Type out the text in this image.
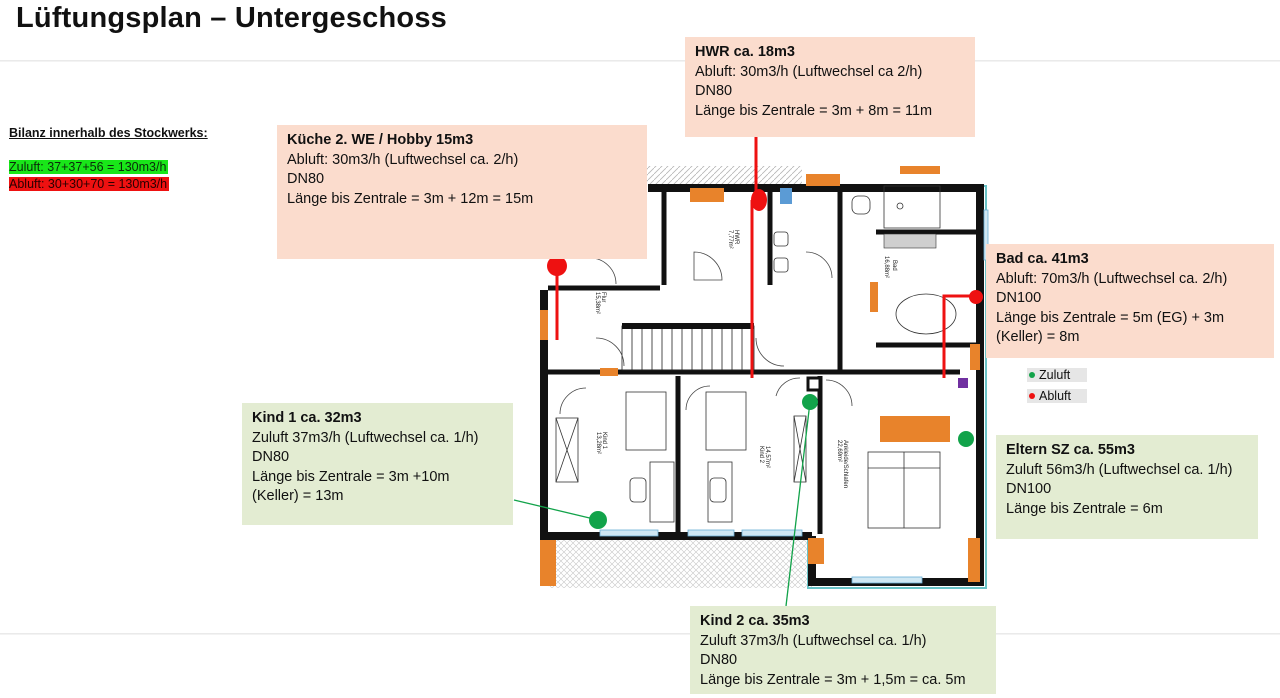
Lüftungsplan – Untergeschoss
Bilanz innerhalb des Stockwerks:
Zuluft: 37+37+56 = 130m3/h
Abluft: 30+30+70 = 130m3/h
HWR
7,77m²
Flur
15,38m²
Bad
16,88m²
Kind 1
13,28m²
Kind 2 14,57m²	Ankleide/Schlafen
22,69m²
HWR ca. 18m3
Abluft: 30m3/h (Luftwechsel ca 2/h)
DN80
Länge bis Zentrale = 3m + 8m = 11m
Küche 2. WE / Hobby 15m3
Abluft: 30m3/h (Luftwechsel ca. 2/h)
DN80
Länge bis Zentrale = 3m + 12m = 15m
Bad ca. 41m3
Abluft: 70m3/h (Luftwechsel ca. 2/h)
DN100
Länge bis Zentrale = 5m (EG) + 3m
(Keller) = 8m
Kind 1 ca. 32m3
Zuluft 37m3/h (Luftwechsel ca. 1/h)
DN80
Länge bis Zentrale = 3m +10m
(Keller) = 13m
Eltern SZ ca. 55m3
Zuluft 56m3/h (Luftwechsel ca. 1/h)
DN100
Länge bis Zentrale = 6m
Kind 2 ca. 35m3
Zuluft 37m3/h (Luftwechsel ca. 1/h)
DN80
Länge bis Zentrale = 3m + 1,5m = ca. 5m
Zuluft
Abluft
